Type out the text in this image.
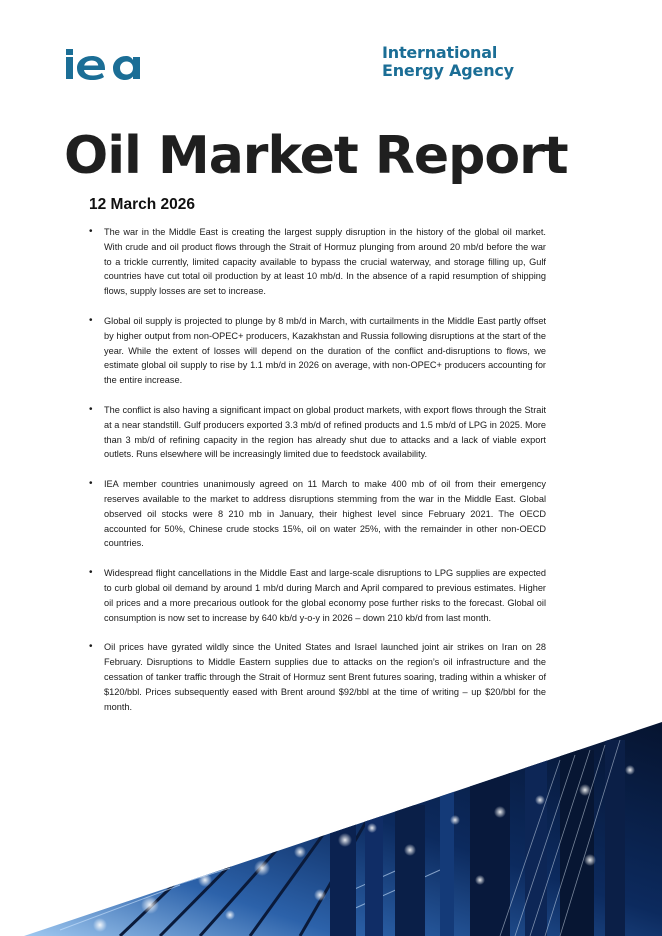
International
Energy Agency
Oil Market Report
12 March 2026
• The war in the Middle East is creating the largest supply disruption in the history of the global oil market. With crude and oil product flows through the Strait of Hormuz plunging from around 20 mb/d before the war to a trickle currently, limited capacity available to bypass the crucial waterway, and storage filling up, Gulf countries have cut total oil production by at least 10 mb/d. In the absence of a rapid resumption of shipping flows, supply losses are set to increase.
• Global oil supply is projected to plunge by 8 mb/d in March, with curtailments in the Middle East partly offset by higher output from non-OPEC+ producers, Kazakhstan and Russia following disruptions at the start of the year. While the extent of losses will depend on the duration of the conflict and-disruptions to flows, we estimate global oil supply to rise by 1.1 mb/d in 2026 on average, with non-OPEC+ producers accounting for the entire increase.
• The conflict is also having a significant impact on global product markets, with export flows through the Strait at a near standstill. Gulf producers exported 3.3 mb/d of refined products and 1.5 mb/d of LPG in 2025. More than 3 mb/d of refining capacity in the region has already shut due to attacks and a lack of viable export outlets. Runs elsewhere will be increasingly limited due to feedstock availability.
• IEA member countries unanimously agreed on 11 March to make 400 mb of oil from their emergency reserves available to the market to address disruptions stemming from the war in the Middle East. Global observed oil stocks were 8 210 mb in January, their highest level since February 2021. The OECD accounted for 50%, Chinese crude stocks 15%, oil on water 25%, with the remainder in other non-OECD countries.
• Widespread flight cancellations in the Middle East and large-scale disruptions to LPG supplies are expected to curb global oil demand by around 1 mb/d during March and April compared to previous estimates. Higher oil prices and a more precarious outlook for the global economy pose further risks to the forecast. Global oil consumption is now set to increase by 640 kb/d y-o-y in 2026 – down 210 kb/d from last month.
• Oil prices have gyrated wildly since the United States and Israel launched joint air strikes on Iran on 28 February. Disruptions to Middle Eastern supplies due to attacks on the region’s oil infrastructure and the cessation of tanker traffic through the Strait of Hormuz sent Brent futures soaring, trading within a whisker of $120/bbl. Prices subsequently eased with Brent around $92/bbl at the time of writing – up $20/bbl for the month.
